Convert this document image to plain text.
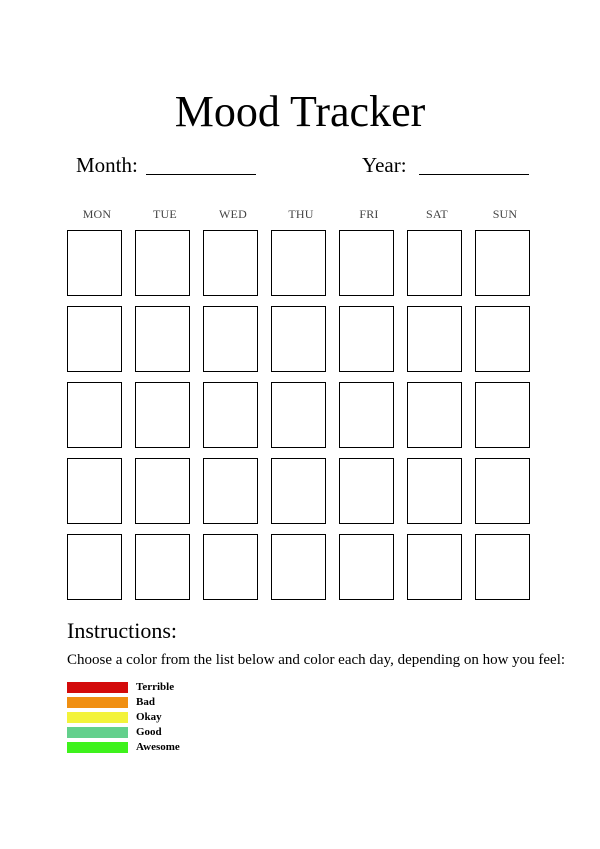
Mood Tracker
Month:	Year:
MON	TUE	WED	THU	FRI	SAT	SUN
Instructions:
Choose a color from the list below and color each day, depending on how you feel:
Terrible
Bad
Okay
Good
Awesome
